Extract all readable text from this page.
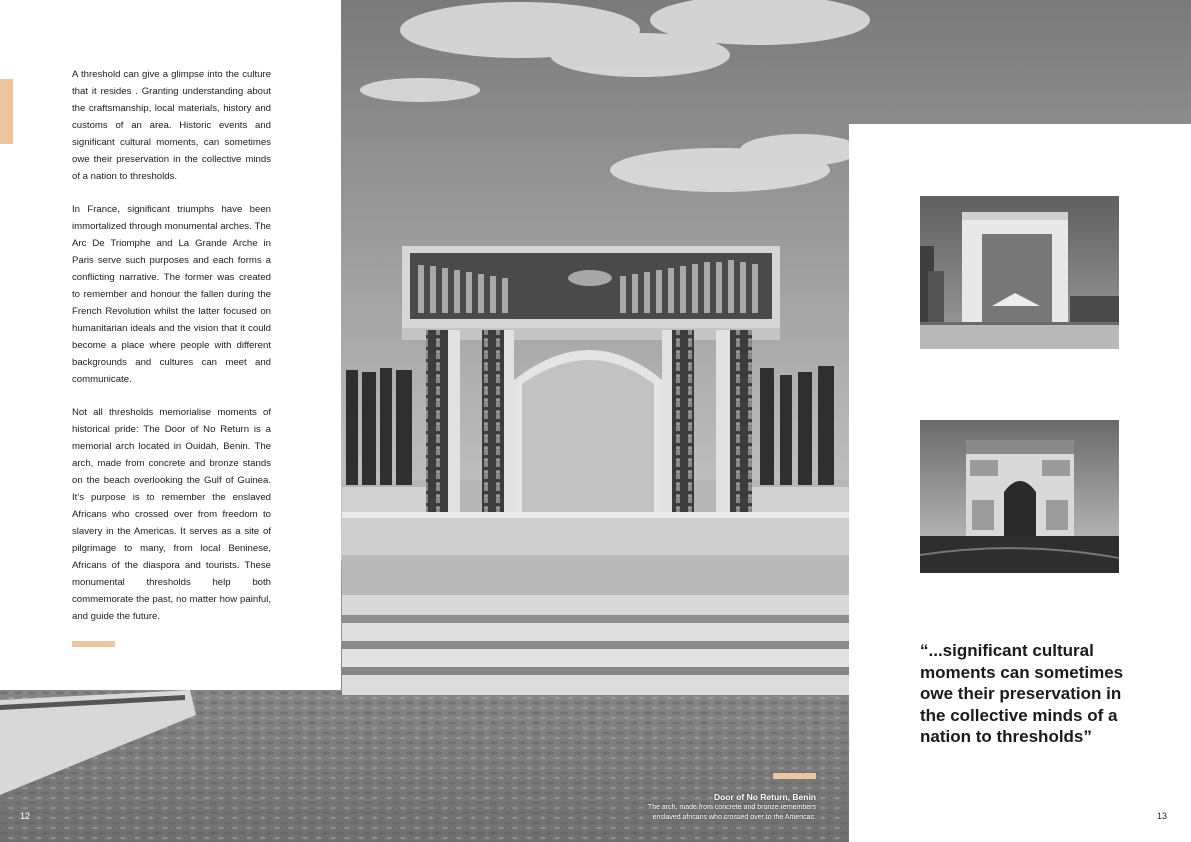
A threshold can give a glimpse into the culture that it resides . Granting understanding about the craftsmanship, local materials, history and customs of an area. Historic events and significant cultural moments, can sometimes owe their preservation in the collective minds of a nation to thresholds.

In France, significant triumphs have been immortalized through monumental arches. The Arc De Triomphe and La Grande Arche in Paris serve such purposes and each forms a conflicting narrative. The former was created to remember and honour the fallen during the French Revolution whilst the latter focused on humanitarian ideals and the vision that it could become a place where people with different backgrounds and cultures can meet and communicate.

Not all thresholds memorialise moments of historical pride: The Door of No Return is a memorial arch located in Ouidah, Benin. The arch, made from concrete and bronze stands on the beach overlooking the Gulf of Guinea. It’s purpose is to remember the enslaved Africans who crossed over from freedom to slavery in the Americas. It serves as a site of pilgrimage to many, from local Beninese, Africans of the diaspora and tourists. These monumental thresholds help both commemorate the past, no matter how painful, and guide the future.

12
Door of No Return, Benin
The arch, made from concrete and bronze remembers
enslaved africans who crossed over to the Americas.
“...significant cultural moments can sometimes owe their preservation in the collective minds of a nation to thresholds”
13
